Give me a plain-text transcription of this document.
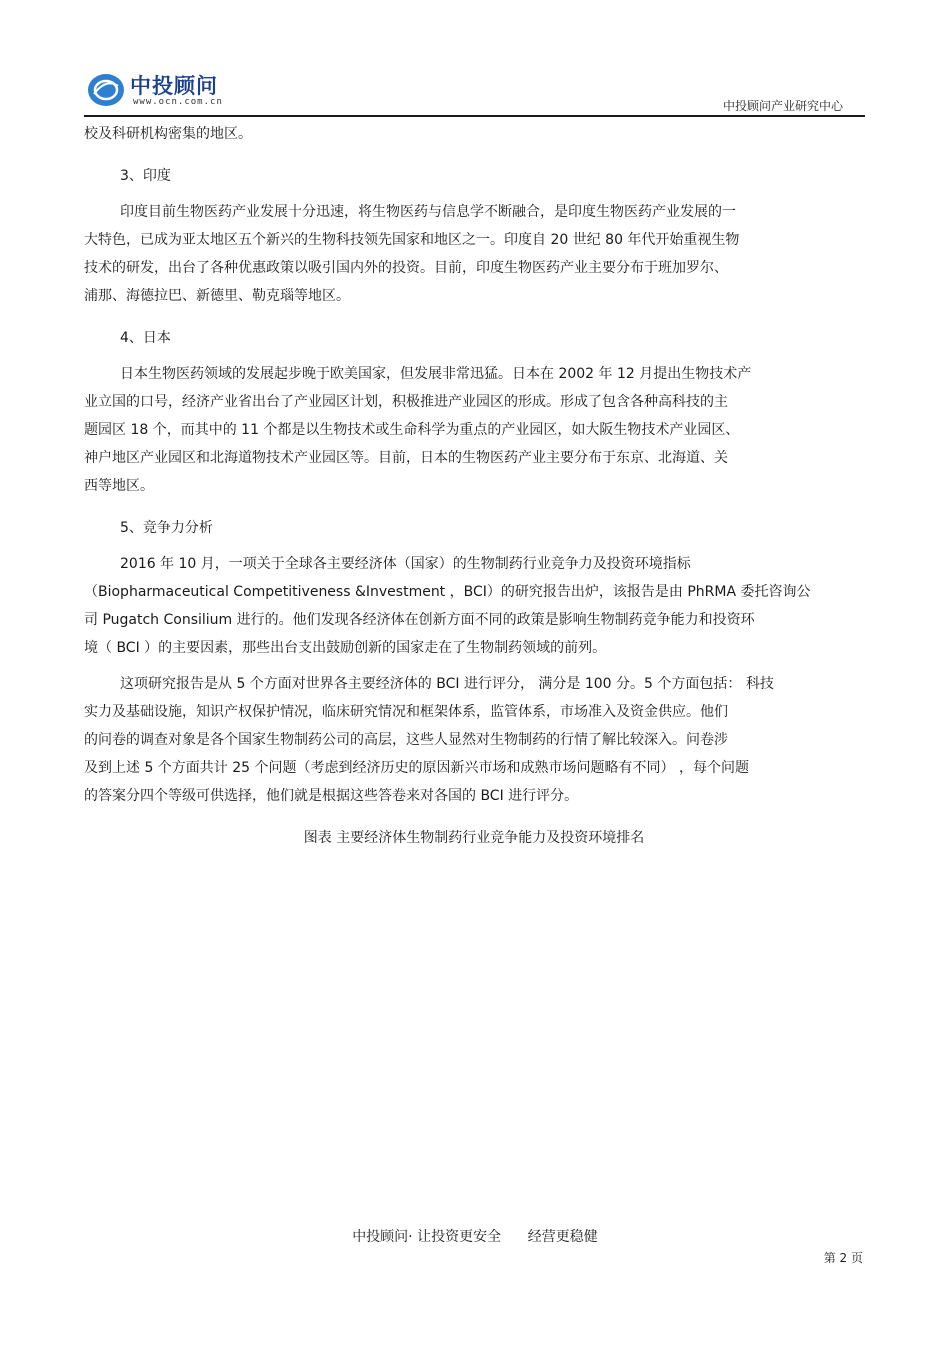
中投顾问
www.ocn.com.cn	中投顾问产业研究中心
校及科研机构密集的地区。
3、印度
印度目前生物医药产业发展十分迅速，将生物医药与信息学不断融合，是印度生物医药产业发展的一
大特色，已成为亚太地区五个新兴的生物科技领先国家和地区之一。印度自 20 世纪 80 年代开始重视生物
技术的研发，出台了各种优惠政策以吸引国内外的投资。目前，印度生物医药产业主要分布于班加罗尔、
浦那、海德拉巴、新德里、勒克瑙等地区。
4、日本
日本生物医药领域的发展起步晚于欧美国家，但发展非常迅猛。日本在 2002 年 12 月提出生物技术产
业立国的口号，经济产业省出台了产业园区计划，积极推进产业园区的形成。形成了包含各种高科技的主
题园区 18 个，而其中的 11 个都是以生物技术或生命科学为重点的产业园区，如大阪生物技术产业园区、
神户地区产业园区和北海道物技术产业园区等。目前，日本的生物医药产业主要分布于东京、北海道、关
西等地区。
5、竞争力分析
2016 年 10 月，一项关于全球各主要经济体（国家）的生物制药行业竞争力及投资环境指标
（Biopharmaceutical Competitiveness &Investment ，BCI）的研究报告出炉，该报告是由 PhRMA 委托咨询公
司 Pugatch Consilium 进行的。他们发现各经济体在创新方面不同的政策是影响生物制药竞争能力和投资环
境（ BCI ）的主要因素，那些出台支出鼓励创新的国家走在了生物制药领域的前列。
这项研究报告是从 5 个方面对世界各主要经济体的 BCI 进行评分， 满分是 100 分。5 个方面包括： 科技
实力及基础设施，知识产权保护情况，临床研究情况和框架体系，监管体系，市场准入及资金供应。他们
的问卷的调查对象是各个国家生物制药公司的高层，这些人显然对生物制药的行情了解比较深入。问卷涉
及到上述 5 个方面共计 25 个问题（考虑到经济历史的原因新兴市场和成熟市场问题略有不同） ，每个问题
的答案分四个等级可供选择，他们就是根据这些答卷来对各国的 BCI 进行评分。
图表 主要经济体生物制药行业竞争能力及投资环境排名
中投顾问· 让投资更安全      经营更稳健
第 2 页
